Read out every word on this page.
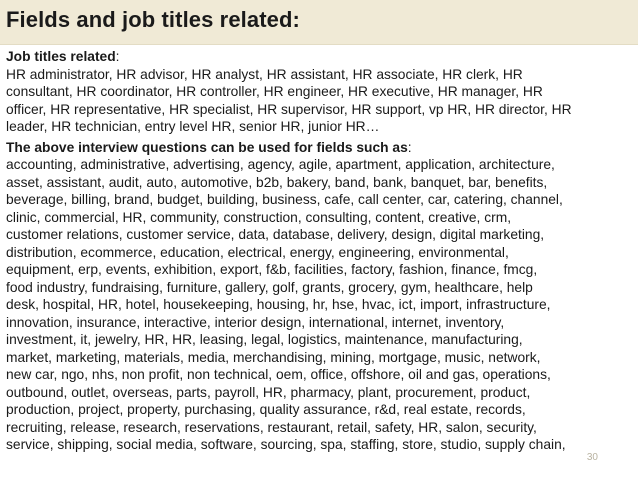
Fields and job titles related:
Job titles related:
HR administrator, HR advisor, HR analyst, HR assistant, HR associate, HR clerk, HR
consultant, HR coordinator, HR controller, HR engineer, HR executive, HR manager, HR
officer, HR representative, HR specialist, HR supervisor, HR support, vp HR, HR director, HR
leader, HR technician, entry level HR, senior HR, junior HR…
The above interview questions can be used for fields such as:
accounting, administrative, advertising, agency, agile, apartment, application, architecture,
asset, assistant, audit, auto, automotive, b2b, bakery, band, bank, banquet, bar, benefits,
beverage, billing, brand, budget, building, business, cafe, call center, car, catering, channel,
clinic, commercial, HR, community, construction, consulting, content, creative, crm,
customer relations, customer service, data, database, delivery, design, digital marketing,
distribution, ecommerce, education, electrical, energy, engineering, environmental,
equipment, erp, events, exhibition, export, f&b, facilities, factory, fashion, finance, fmcg,
food industry, fundraising, furniture, gallery, golf, grants, grocery, gym, healthcare, help
desk, hospital, HR, hotel, housekeeping, housing, hr, hse, hvac, ict, import, infrastructure,
innovation, insurance, interactive, interior design, international, internet, inventory,
investment, it, jewelry, HR, HR, leasing, legal, logistics, maintenance, manufacturing,
market, marketing, materials, media, merchandising, mining, mortgage, music, network,
new car, ngo, nhs, non profit, non technical, oem, office, offshore, oil and gas, operations,
outbound, outlet, overseas, parts, payroll, HR, pharmacy, plant, procurement, product,
production, project, property, purchasing, quality assurance, r&d, real estate, records,
recruiting, release, research, reservations, restaurant, retail, safety, HR, salon, security,
service, shipping, social media, software, sourcing, spa, staffing, store, studio, supply chain,
30
